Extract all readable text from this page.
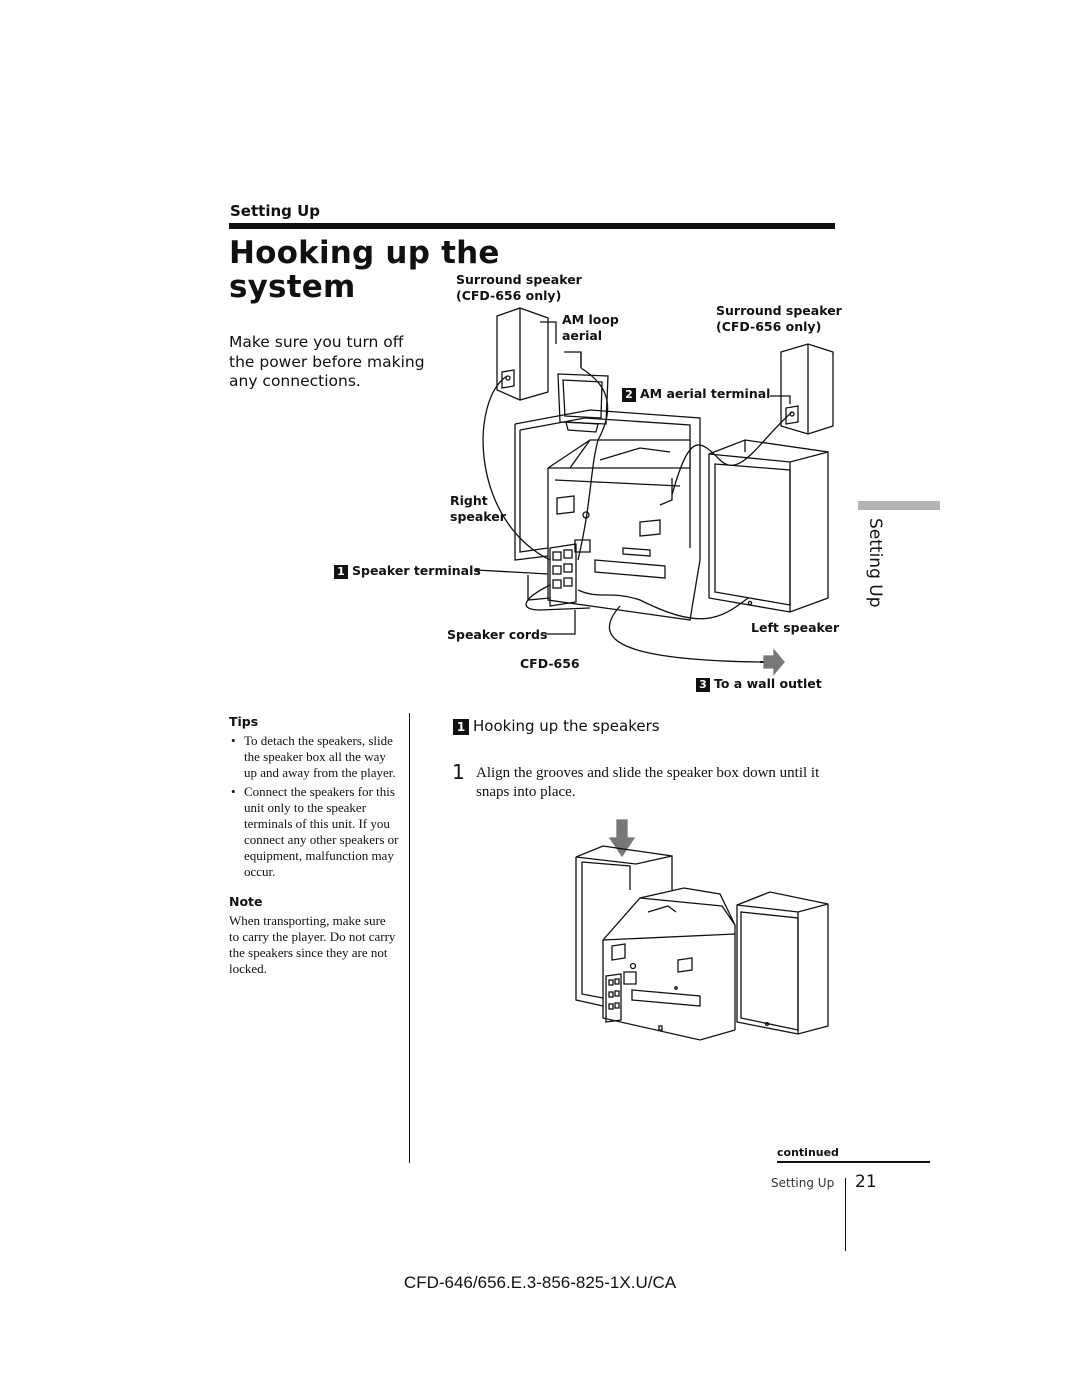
Setting Up
Hooking up the
system
Make sure you turn off the power before making any connections.
Setting Up
Surround speaker
(CFD-656 only)
AM loop
aerial
Surround speaker
(CFD-656 only)
2 AM aerial terminal
Right
speaker
1 Speaker terminals
Speaker cords	Left speaker
CFD-656
3 To a wall outlet
Tips
• To detach the speakers, slide the speaker box all the way up and away from the player.
• Connect the speakers for this unit only to the speaker terminals of this unit. If you connect any other speakers or equipment, malfunction may occur.
Note
When transporting, make sure to carry the player. Do not carry the speakers since they are not locked.
1 Hooking up the speakers
1 Align the grooves and slide the speaker box down until it snaps into place.
continued
Setting Up 21
CFD-646/656.E.3-856-825-1X.U/CA
